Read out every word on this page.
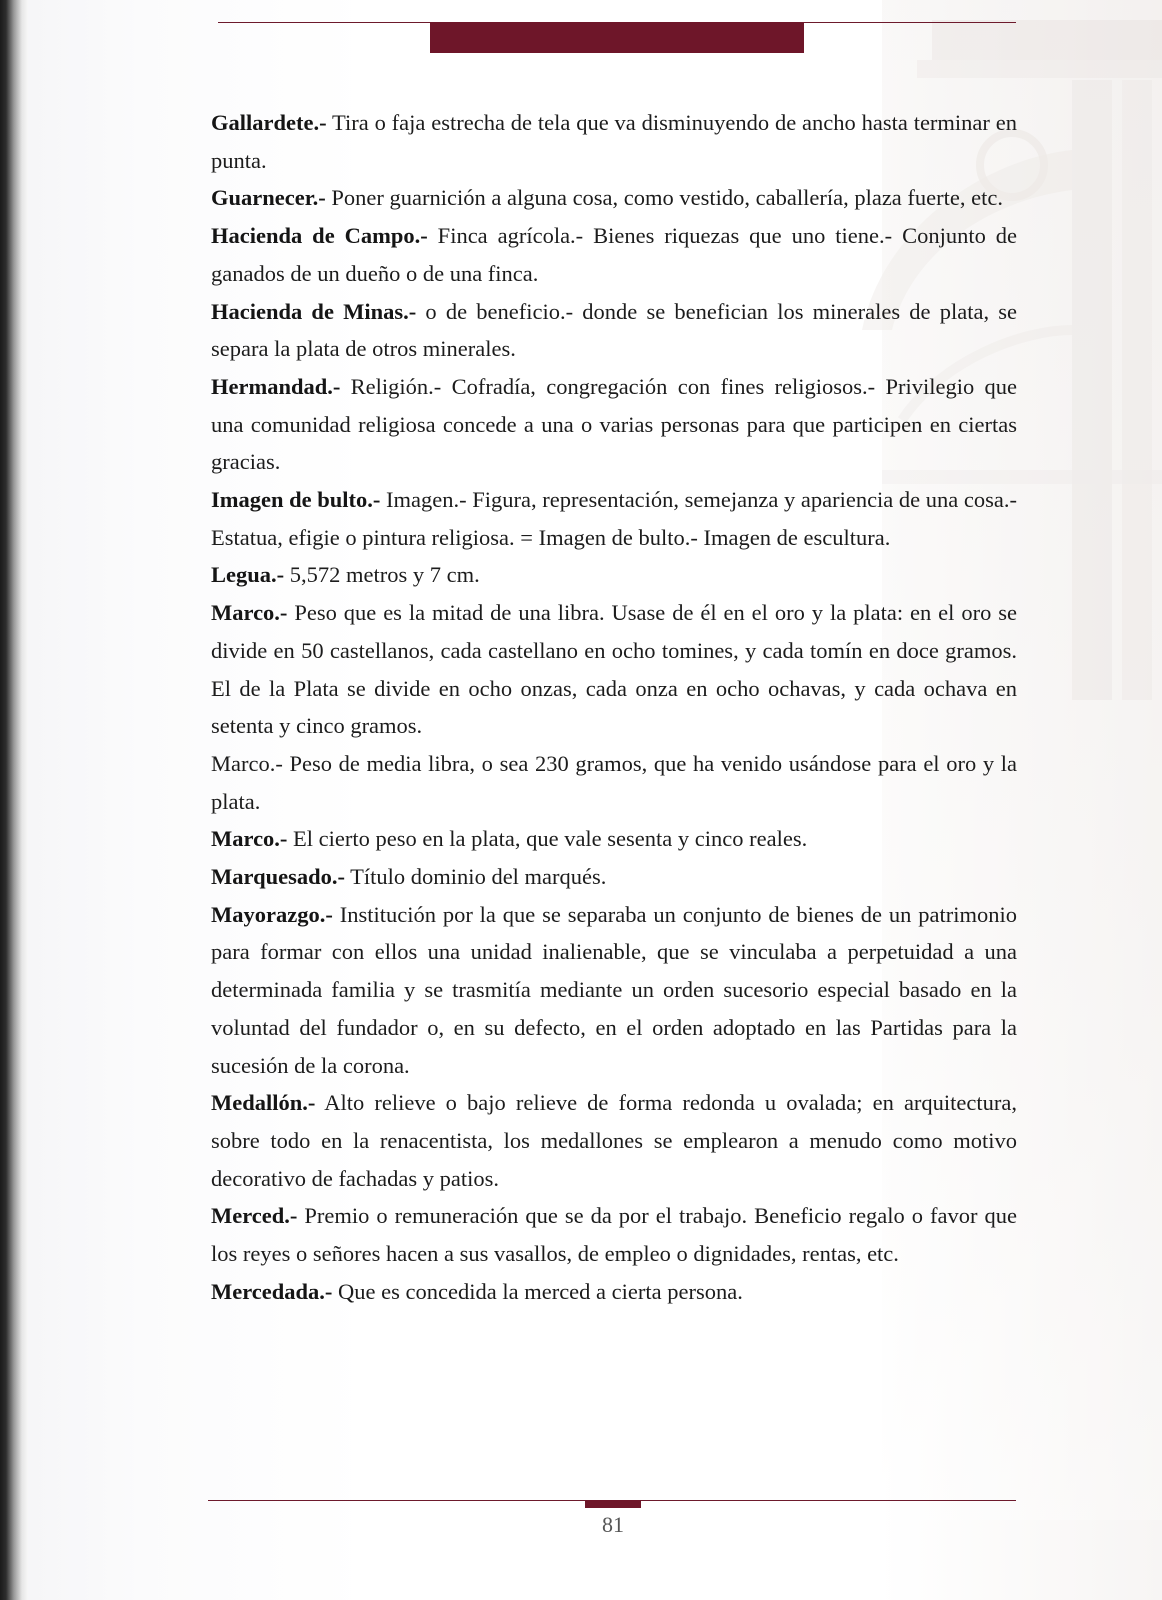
Gallardete.- Tira o faja estrecha de tela que va disminuyendo de ancho hasta terminar en punta.

Guarnecer.- Poner guarnición a alguna cosa, como vestido, caballería, plaza fuerte, etc.

Hacienda de Campo.- Finca agrícola.- Bienes riquezas que uno tiene.- Conjunto de ganados de un dueño o de una finca.

Hacienda de Minas.- o de beneficio.- donde se benefician los minerales de plata, se separa la plata de otros minerales.

Hermandad.- Religión.- Cofradía, congregación con fines religiosos.- Privilegio que una comunidad religiosa concede a una o varias personas para que participen en ciertas gracias.

Imagen de bulto.- Imagen.- Figura, representación, semejanza y apariencia de una cosa.-Estatua, efigie o pintura religiosa. = Imagen de bulto.- Imagen de escultura.

Legua.- 5,572 metros y 7 cm.

Marco.- Peso que es la mitad de una libra. Usase de él en el oro y la plata: en el oro se divide en 50 castellanos, cada castellano en ocho tomines, y cada tomín en doce gramos. El de la Plata se divide en ocho onzas, cada onza en ocho ochavas, y cada ochava en setenta y cinco gramos.

Marco.- Peso de media libra, o sea 230 gramos, que ha venido usándose para el oro y la plata.

Marco.- El cierto peso en la plata, que vale sesenta y cinco reales.

Marquesado.- Título dominio del marqués.

Mayorazgo.- Institución por la que se separaba un conjunto de bienes de un patrimonio para formar con ellos una unidad inalienable, que se vinculaba a perpetuidad a una determinada familia y se trasmitía mediante un orden sucesorio especial basado en la voluntad del fundador o, en su defecto, en el orden adoptado en las Partidas para la sucesión de la corona.

Medallón.- Alto relieve o bajo relieve de forma redonda u ovalada; en arquitectura, sobre todo en la renacentista, los medallones se emplearon a menudo como motivo decorativo de fachadas y patios.

Merced.- Premio o remuneración que se da por el trabajo. Beneficio regalo o favor que los reyes o señores hacen a sus vasallos, de empleo o dignidades, rentas, etc.

Mercedada.- Que es concedida la merced a cierta persona.

81
